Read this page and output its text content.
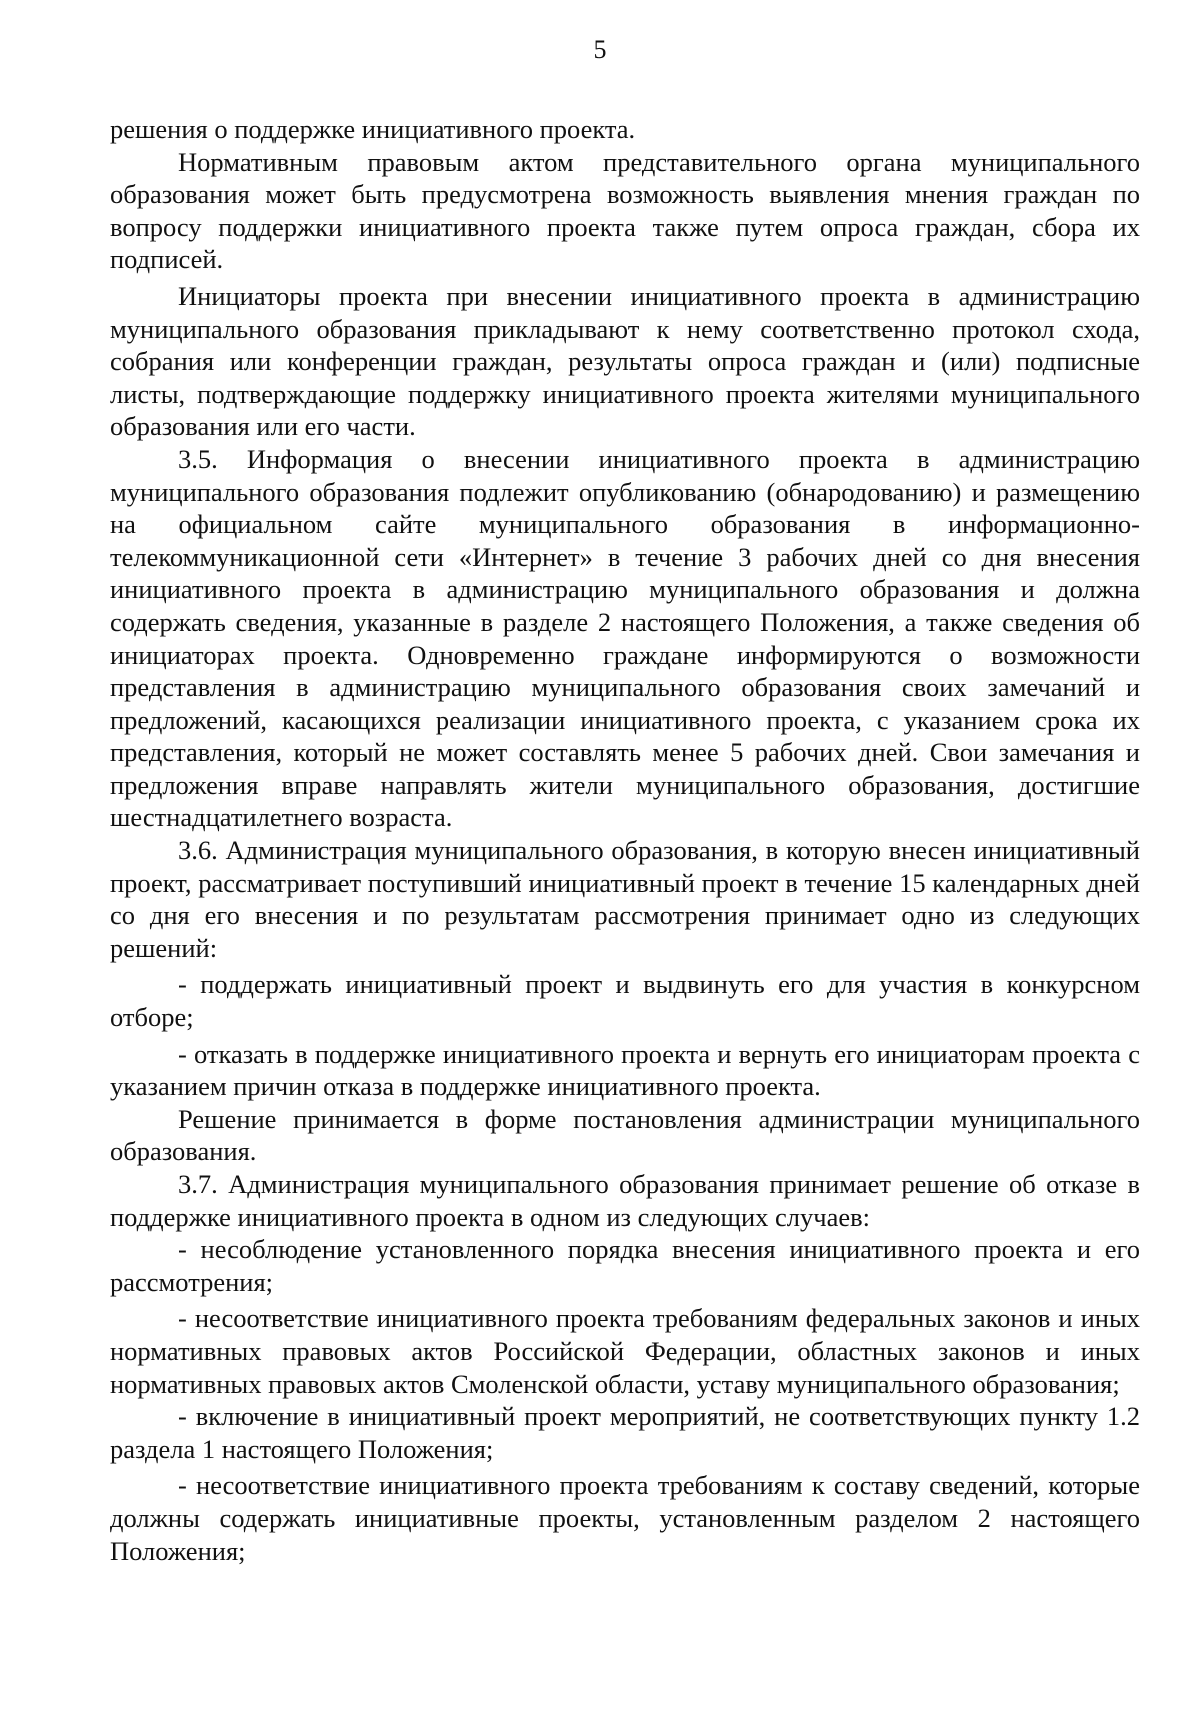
5

решения о поддержке инициативного проекта.

Нормативным правовым актом представительного органа муниципального образования может быть предусмотрена возможность выявления мнения граждан по вопросу поддержки инициативного проекта также путем опроса граждан, сбора их подписей.

Инициаторы проекта при внесении инициативного проекта в администрацию муниципального образования прикладывают к нему соответственно протокол схода, собрания или конференции граждан, результаты опроса граждан и (или) подписные листы, подтверждающие поддержку инициативного проекта жителями муниципального образования или его части.

3.5. Информация о внесении инициативного проекта в администрацию муниципального образования подлежит опубликованию (обнародованию) и размещению на официальном сайте муниципального образования в информационно-телекоммуникационной сети «Интернет» в течение 3 рабочих дней со дня внесения инициативного проекта в администрацию муниципального образования и должна содержать сведения, указанные в разделе 2 настоящего Положения, а также сведения об инициаторах проекта. Одновременно граждане информируются о возможности представления в администрацию муниципального образования своих замечаний и предложений, касающихся реализации инициативного проекта, с указанием срока их представления, который не может составлять менее 5 рабочих дней. Свои замечания и предложения вправе направлять жители муниципального образования, достигшие шестнадцатилетнего возраста.

3.6. Администрация муниципального образования, в которую внесен инициативный проект, рассматривает поступивший инициативный проект в течение 15 календарных дней со дня его внесения и по результатам рассмотрения принимает одно из следующих решений:

- поддержать инициативный проект и выдвинуть его для участия в конкурсном отборе;

- отказать в поддержке инициативного проекта и вернуть его инициаторам проекта с указанием причин отказа в поддержке инициативного проекта.

Решение принимается в форме постановления администрации муниципального образования.

3.7. Администрация муниципального образования принимает решение об отказе в поддержке инициативного проекта в одном из следующих случаев:

- несоблюдение установленного порядка внесения инициативного проекта и его рассмотрения;

- несоответствие инициативного проекта требованиям федеральных законов и иных нормативных правовых актов Российской Федерации, областных законов и иных нормативных правовых актов Смоленской области, уставу муниципального образования;

- включение в инициативный проект мероприятий, не соответствующих пункту 1.2 раздела 1 настоящего Положения;

- несоответствие инициативного проекта требованиям к составу сведений, которые должны содержать инициативные проекты, установленным разделом 2 настоящего Положения;
